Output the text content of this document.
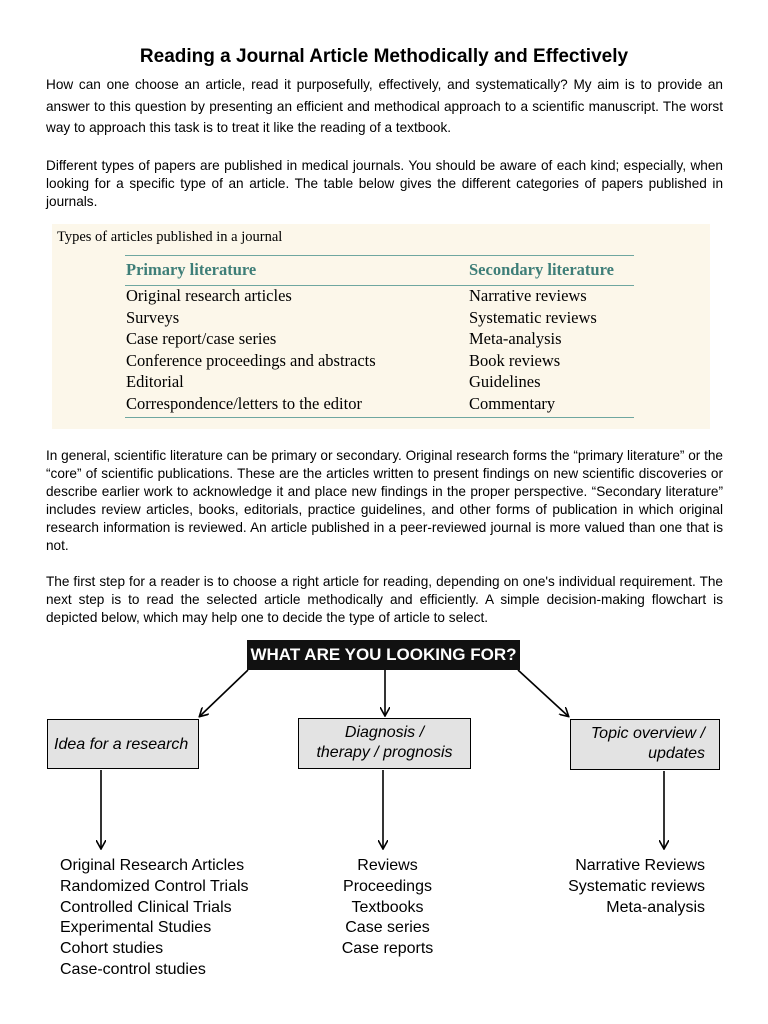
Reading a Journal Article Methodically and Effectively

How can one choose an article, read it purposefully, effectively, and systematically? My aim is to provide an answer to this question by presenting an efficient and methodical approach to a scientific manuscript. The worst way to approach this task is to treat it like the reading of a textbook.

Different types of papers are published in medical journals. You should be aware of each kind; especially, when looking for a specific type of an article. The table below gives the different categories of papers published in journals.

Types of articles published in a journal
Primary literature
Original research articles
Surveys
Case report/case series
Conference proceedings and abstracts
Editorial
Correspondence/letters to the editor
Secondary literature
Narrative reviews
Systematic reviews
Meta-analysis
Book reviews
Guidelines
Commentary

In general, scientific literature can be primary or secondary. Original research forms the “primary literature” or the “core” of scientific publications. These are the articles written to present findings on new scientific discoveries or describe earlier work to acknowledge it and place new findings in the proper perspective. “Secondary literature” includes review articles, books, editorials, practice guidelines, and other forms of publication in which original research information is reviewed. An article published in a peer-reviewed journal is more valued than one that is not.

The first step for a reader is to choose a right article for reading, depending on one's individual requirement. The next step is to read the selected article methodically and efficiently. A simple decision-making flowchart is depicted below, which may help one to decide the type of article to select.

WHAT ARE YOU LOOKING FOR?
Idea for a research
Diagnosis /
therapy / prognosis
Topic overview /
updates
Original Research Articles
Randomized Control Trials
Controlled Clinical Trials
Experimental Studies
Cohort studies
Case-control studies
Reviews
Proceedings
Textbooks
Case series
Case reports
Narrative Reviews
Systematic reviews
Meta-analysis
